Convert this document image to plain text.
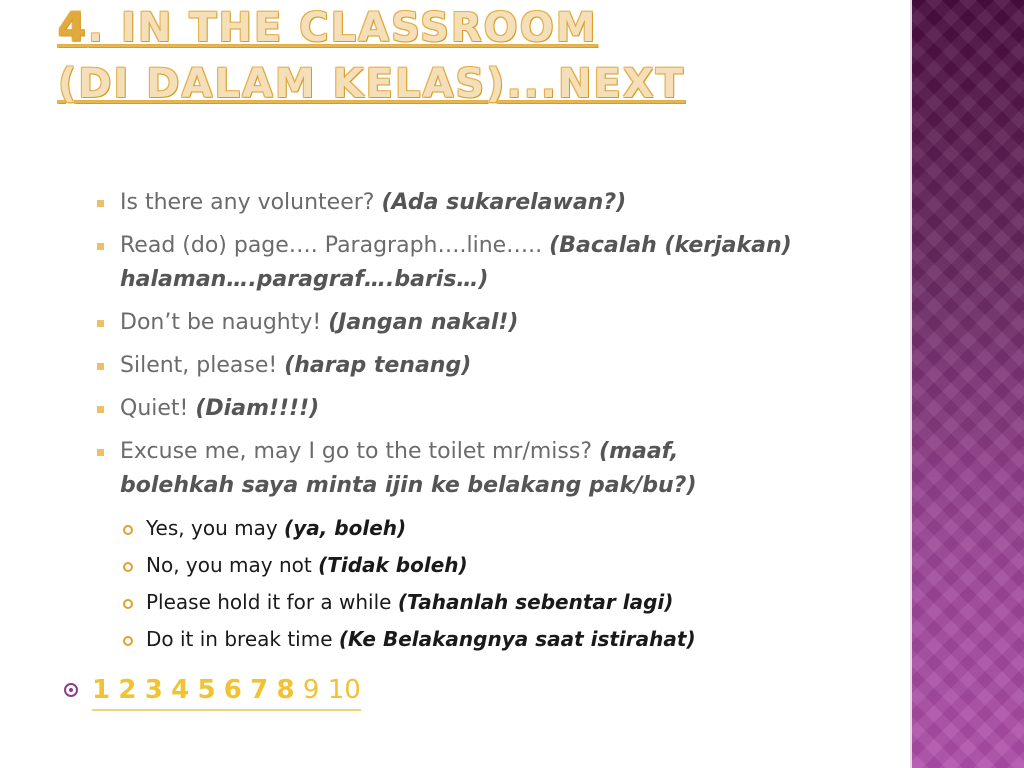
4. IN THE CLASSROOM
(DI DALAM KELAS)...NEXT
Is there any volunteer? (Ada sukarelawan?)
Read (do) page…. Paragraph….line….. (Bacalah (kerjakan) halaman….paragraf….baris…)
Don’t be naughty! (Jangan nakal!)
Silent, please! (harap tenang)
Quiet! (Diam!!!!)
Excuse me, may I go to the toilet mr/miss? (maaf, bolehkah saya minta ijin ke belakang pak/bu?)
Yes, you may (ya, boleh)
No, you may not (Tidak boleh)
Please hold it for a while (Tahanlah sebentar lagi)
Do it in break time (Ke Belakangnya saat istirahat)
1 2 3 4 5 6 7 8 9 10
